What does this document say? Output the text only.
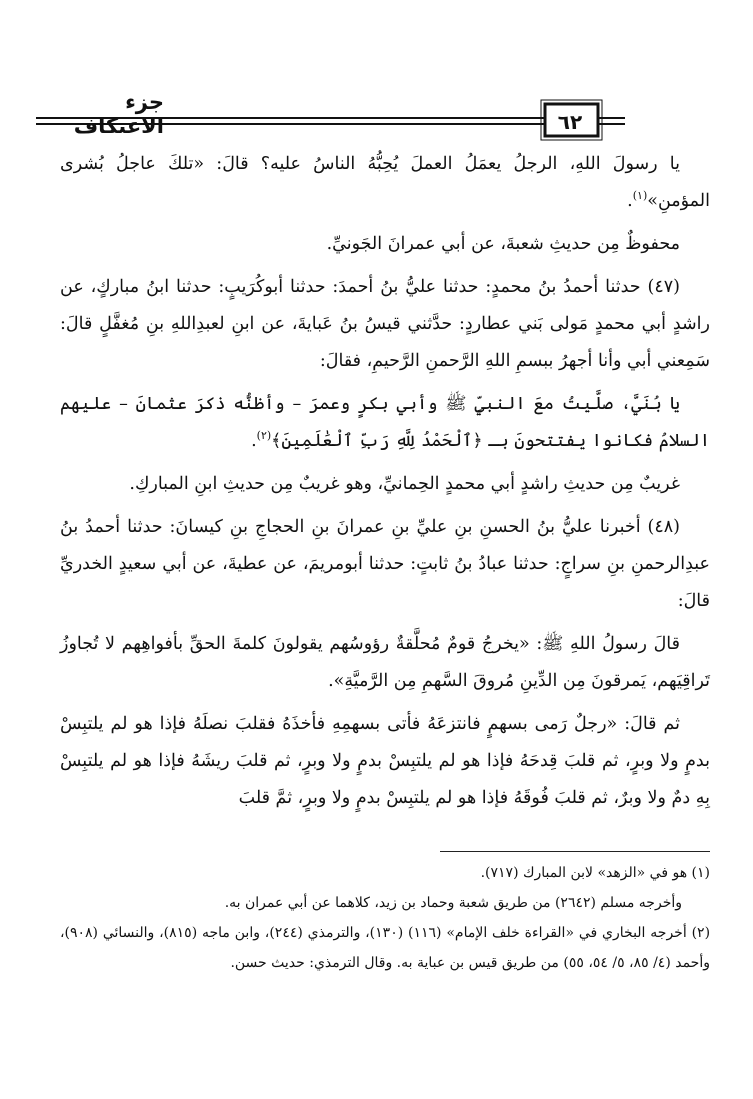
جزء الاعتكاف	٦٢

يا رسولَ اللهِ، الرجلُ يعمَلُ العملَ يُحِبُّهُ الناسُ عليه؟ قالَ: «تلكَ عاجلُ بُشرى المؤمنِ»$^{(١)}$.

محفوظٌ مِن حديثِ شعبةَ، عن أبي عمرانَ الجَونيِّ.

(٤٧) حدثنا أحمدُ بنُ محمدٍ: حدثنا عليُّ بنُ أحمدَ: حدثنا أبوكُرَيبٍ: حدثنا ابنُ مباركٍ، عن راشدٍ أبي محمدٍ مَولى بَني عطاردٍ: حدَّثني قيسُ بنُ عَبايةَ، عن ابنِ لعبدِاللهِ بنِ مُغفَّلٍ قالَ: سَمِعني أبي وأنا أجهرُ ببسمِ اللهِ الرَّحمنِ الرَّحيمِ، فقالَ:

يا بُنَيَّ، صلَّيتُ معَ النبيِّ ﷺ وأبي بكرٍ وعمرَ – وأظنُّه ذكرَ عثمانَ – عليهم السلامُ فكانوا يفتتحونَ بـ ﴿ٱلْحَمْدُ لِلَّهِ رَبِّ ٱلْعَٰلَمِينَ﴾$^{(٢)}$.

غريبٌ مِن حديثِ راشدٍ أبي محمدٍ الحِمانيِّ، وهو غريبٌ مِن حديثِ ابنِ المباركِ.

(٤٨) أخبرنا عليُّ بنُ الحسنِ بنِ عليِّ بنِ عمرانَ بنِ الحجاجِ بنِ كيسانَ: حدثنا أحمدُ بنُ عبدِالرحمنِ بنِ سراجٍ: حدثنا عبادُ بنُ ثابتٍ: حدثنا أبومريمَ، عن عطيةَ، عن أبي سعيدٍ الخدريِّ قالَ:

قالَ رسولُ اللهِ ﷺ: «يخرجُ قومٌ مُحلَّقةٌ رؤوسُهم يقولونَ كلمةَ الحقِّ بأفواهِهم لا تُجاوزُ تَراقِيَهم، يَمرقونَ مِن الدِّينِ مُروقَ السَّهمِ مِن الرَّميَّةِ».

ثم قالَ: «رجلٌ رَمى بسهمٍ فانتزعَهُ فأتى بسهمِهِ فأخذَهُ فقلبَ نصلَهُ فإذا هو لم يلتبِسْ بدمٍ ولا وبرٍ، ثم قلبَ قِدحَهُ فإذا هو لم يلتبِسْ بدمٍ ولا وبرٍ، ثم قلبَ ريشَهُ فإذا هو لم يلتبِسْ بِهِ دمٌ ولا وبرٌ، ثم قلبَ فُوقَهُ فإذا هو لم يلتبِسْ بدمٍ ولا وبرٍ، ثمَّ قلبَ

(١) هو في «الزهد» لابن المبارك (٧١٧).

وأخرجه مسلم (٢٦٤٢) من طريق شعبة وحماد بن زيد، كلاهما عن أبي عمران به.

(٢) أخرجه البخاري في «القراءة خلف الإمام» (١١٦) (١٣٠)، والترمذي (٢٤٤)، وابن ماجه (٨١٥)، والنسائي (٩٠٨)، وأحمد (٤/ ٨٥، ٥/ ٥٤، ٥٥) من طريق قيس بن عباية به. وقال الترمذي: حديث حسن.
